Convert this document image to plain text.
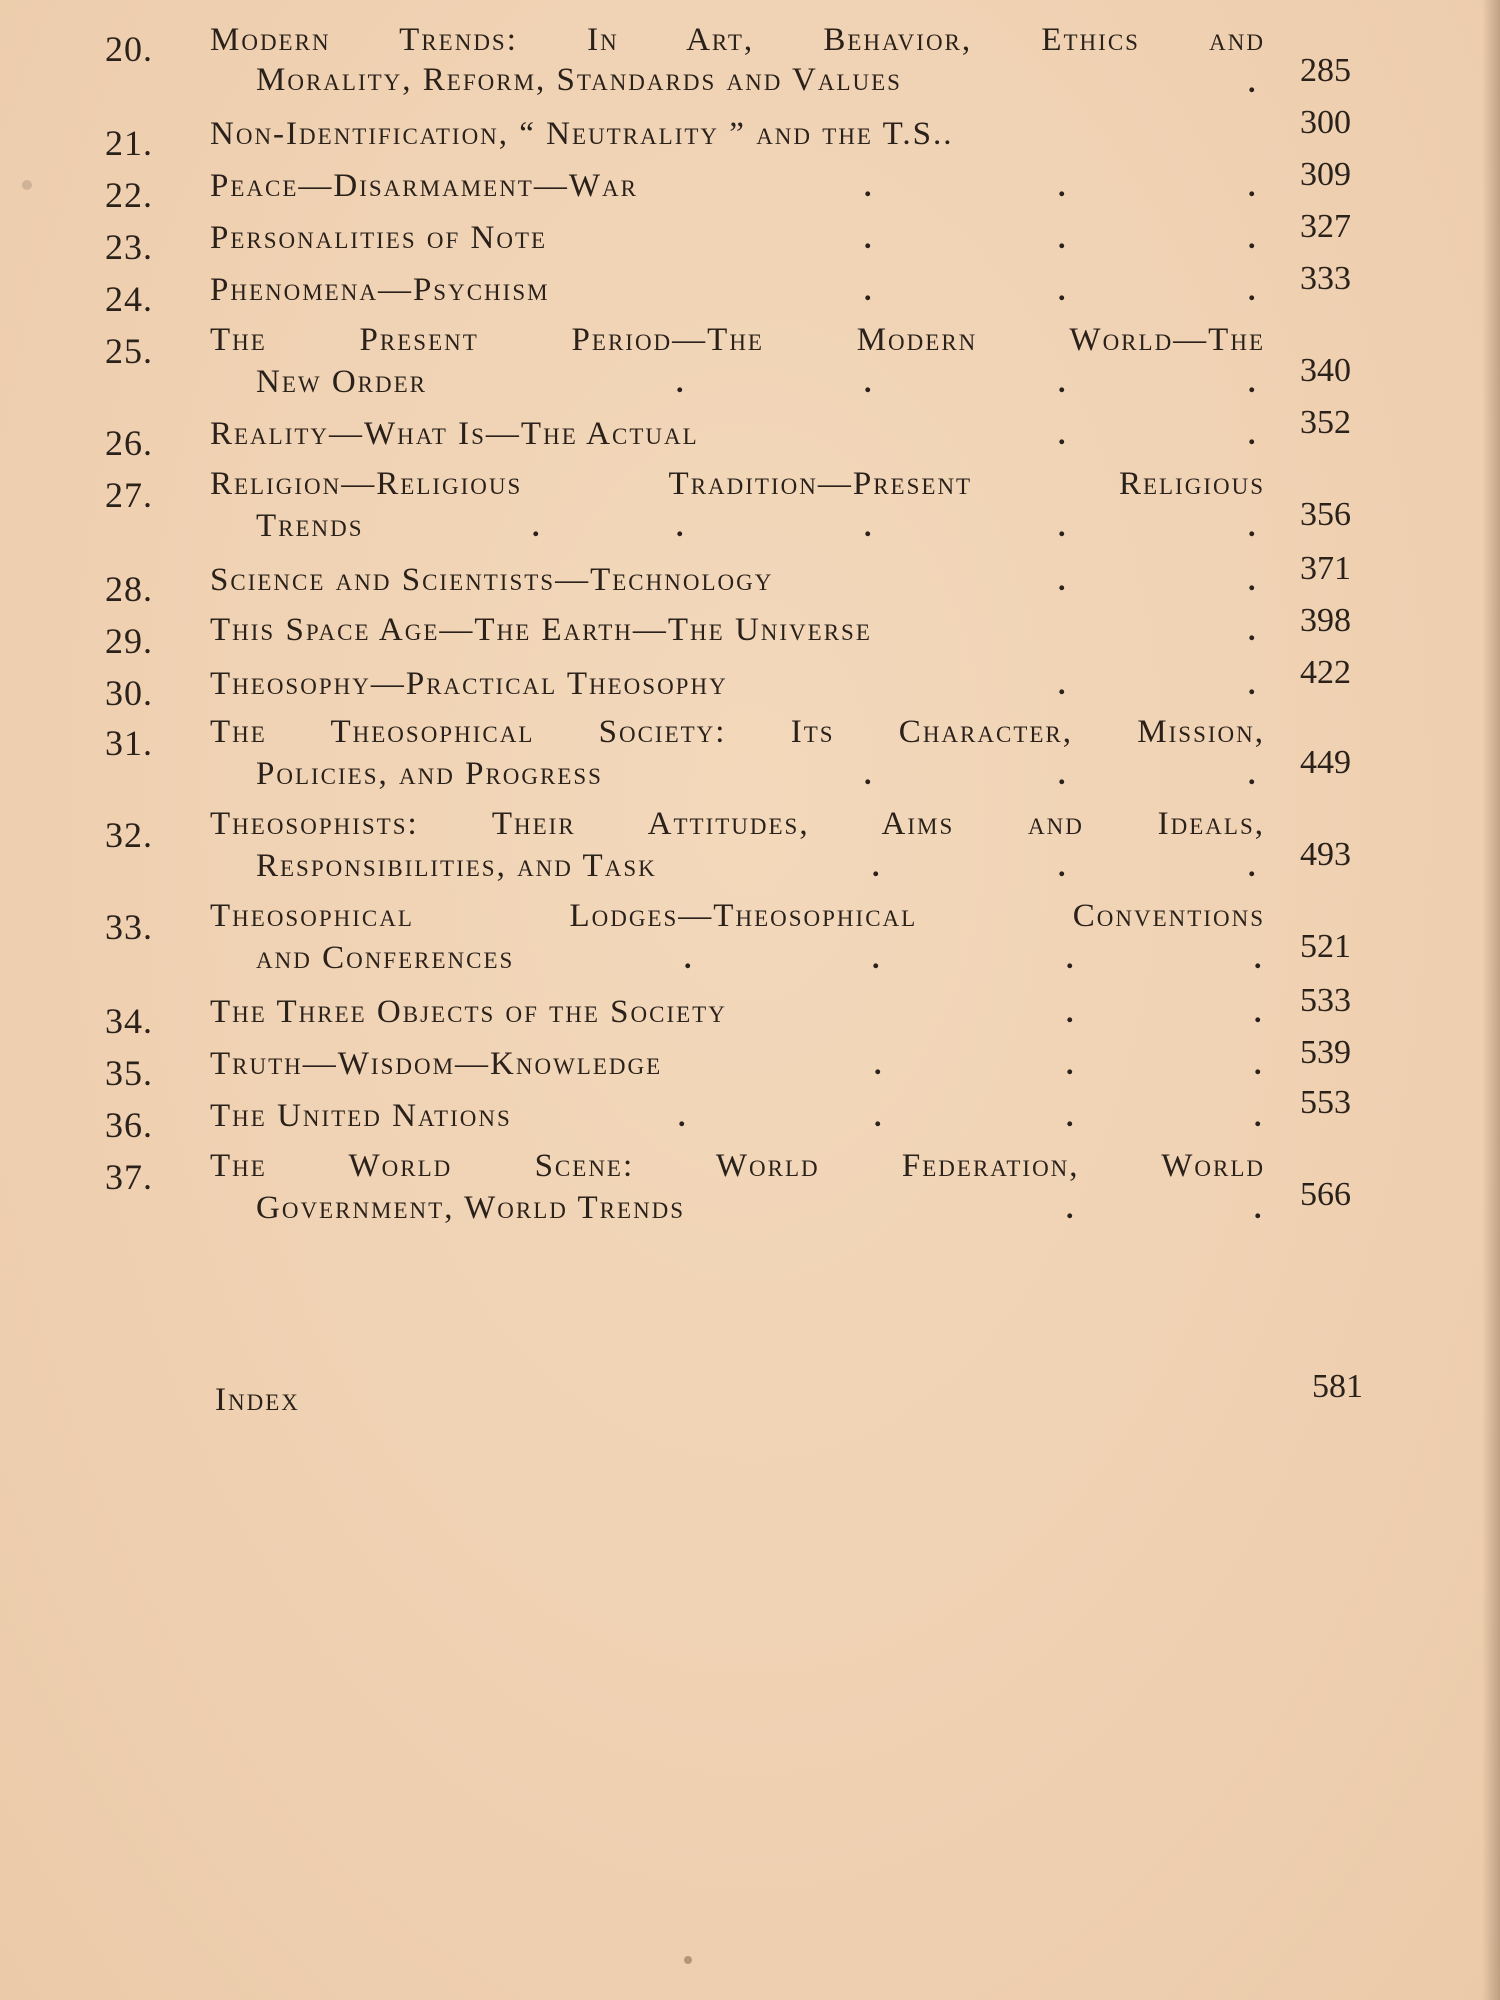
20.	Modern Trends: In Art, Behavior, Ethics and
Morality, Reform, Standards and Values	. 285
21.	Non-Identification, “ Neutrality ” and the T.S..	300
22.	Peace—Disarmament—War	.	.	. 309
23.	Personalities of Note	.	.	. 327
24.	Phenomena—Psychism	.	.	. 333
25.	The Present Period—The Modern World—The
New Order	.	.	.	. 340
26.	Reality—What Is—The Actual	.	. 352
27.	Religion—Religious Tradition—Present Religious
Trends	.	.	.	.	. 356
28.	Science and Scientists—Technology	.	. 371
29.	This Space Age—The Earth—The Universe	. 398
30.	Theosophy—Practical Theosophy	.	. 422
31.	The Theosophical Society: Its Character, Mission,
Policies, and Progress	.	.	. 449
32.	Theosophists: Their Attitudes, Aims and Ideals,
Responsibilities, and Task	.	.	. 493
33.	Theosophical Lodges—Theosophical Conventions
and Conferences	.	.	.	. 521
34.	The Three Objects of the Society	.	. 533
35.	Truth—Wisdom—Knowledge	.	.	. 539
36.	The United Nations	.	.	.	. 553
37.	The World Scene: World Federation, World
Government, World Trends	.	. 566
Index	581
